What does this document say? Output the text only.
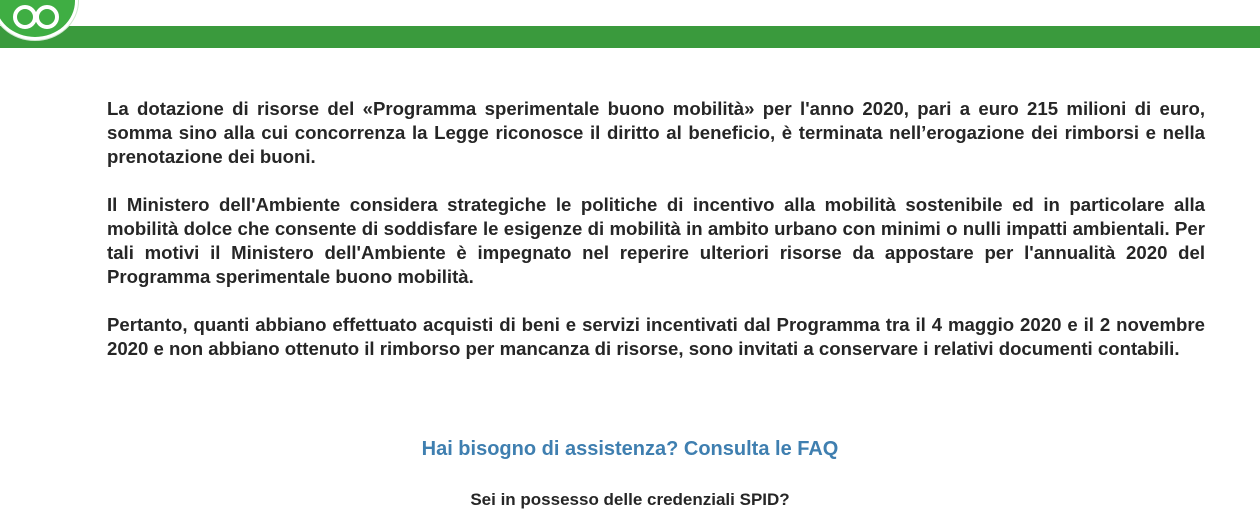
La dotazione di risorse del «Programma sperimentale buono mobilità» per l'anno 2020, pari a euro 215 milioni di euro, somma sino alla cui concorrenza la Legge riconosce il diritto al beneficio, è terminata nell’erogazione dei rimborsi e nella prenotazione dei buoni.

Il Ministero dell'Ambiente considera strategiche le politiche di incentivo alla mobilità sostenibile ed in particolare alla mobilità dolce che consente di soddisfare le esigenze di mobilità in ambito urbano con minimi o nulli impatti ambientali. Per tali motivi il Ministero dell'Ambiente è impegnato nel reperire ulteriori risorse da appostare per l'annualità 2020 del Programma sperimentale buono mobilità.

Pertanto, quanti abbiano effettuato acquisti di beni e servizi incentivati dal Programma tra il 4 maggio 2020 e il 2 novembre 2020 e non abbiano ottenuto il rimborso per mancanza di risorse, sono invitati a conservare i relativi documenti contabili.

Hai bisogno di assistenza? Consulta le FAQ
Sei in possesso delle credenziali SPID?
